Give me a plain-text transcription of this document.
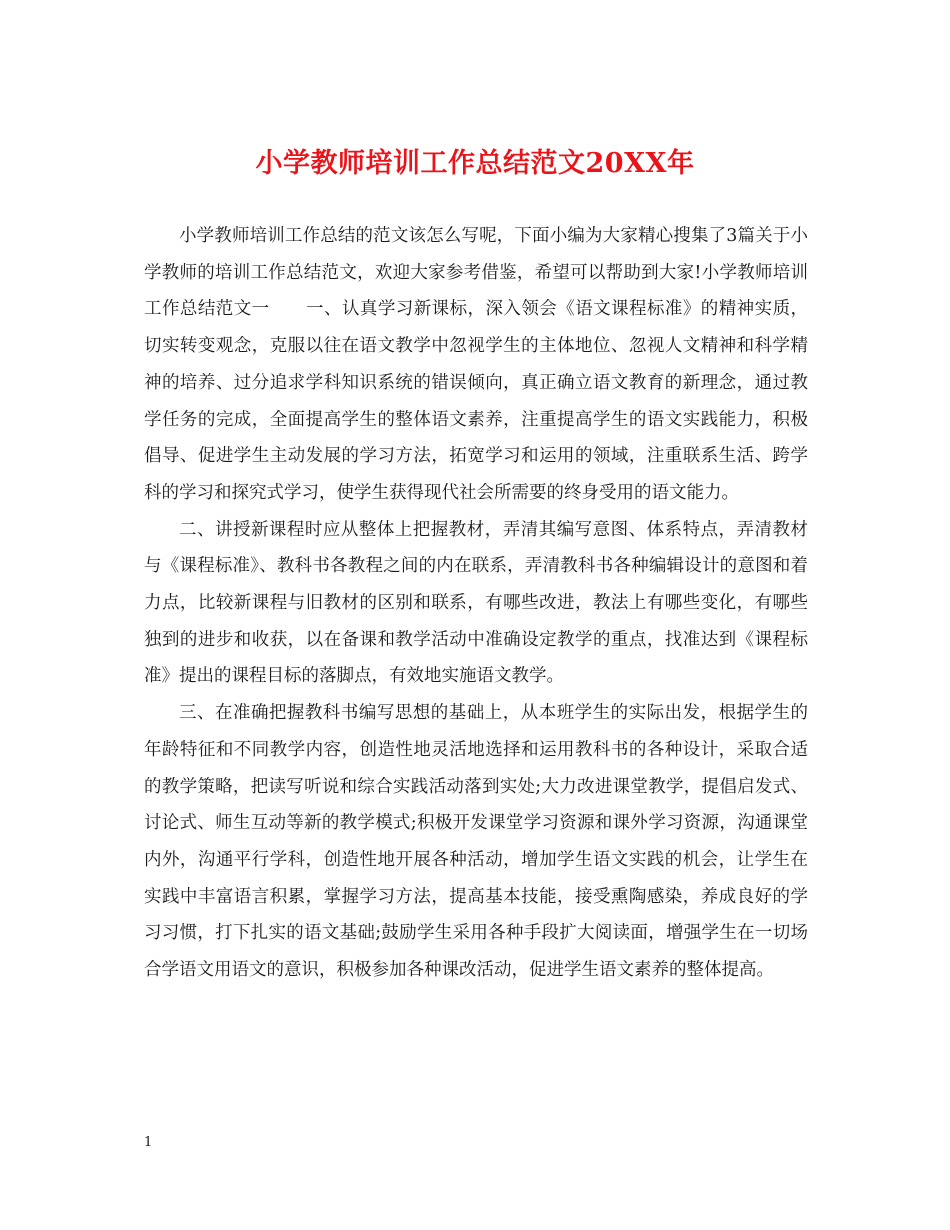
小学教师培训工作总结范文20XX年

小学教师培训工作总结的范文该怎么写呢，下面小编为大家精心搜集了3篇关于小学教师的培训工作总结范文，欢迎大家参考借鉴，希望可以帮助到大家!小学教师培训工作总结范文一 一、认真学习新课标，深入领会《语文课程标准》的精神实质，切实转变观念，克服以往在语文教学中忽视学生的主体地位、忽视人文精神和科学精神的培养、过分追求学科知识系统的错误倾向，真正确立语文教育的新理念，通过教学任务的完成，全面提高学生的整体语文素养，注重提高学生的语文实践能力，积极倡导、促进学生主动发展的学习方法，拓宽学习和运用的领域，注重联系生活、跨学科的学习和探究式学习，使学生获得现代社会所需要的终身受用的语文能力。

二、讲授新课程时应从整体上把握教材，弄清其编写意图、体系特点，弄清教材与《课程标准》、教科书各教程之间的内在联系，弄清教科书各种编辑设计的意图和着力点，比较新课程与旧教材的区别和联系，有哪些改进，教法上有哪些变化，有哪些独到的进步和收获，以在备课和教学活动中准确设定教学的重点，找准达到《课程标准》提出的课程目标的落脚点，有效地实施语文教学。

三、在准确把握教科书编写思想的基础上，从本班学生的实际出发，根据学生的年龄特征和不同教学内容，创造性地灵活地选择和运用教科书的各种设计，采取合适的教学策略，把读写听说和综合实践活动落到实处;大力改进课堂教学，提倡启发式、讨论式、师生互动等新的教学模式;积极开发课堂学习资源和课外学习资源，沟通课堂内外，沟通平行学科，创造性地开展各种活动，增加学生语文实践的机会，让学生在实践中丰富语言积累，掌握学习方法，提高基本技能，接受熏陶感染，养成良好的学习习惯，打下扎实的语文基础;鼓励学生采用各种手段扩大阅读面，增强学生在一切场合学语文用语文的意识，积极参加各种课改活动，促进学生语文素养的整体提高。

1
